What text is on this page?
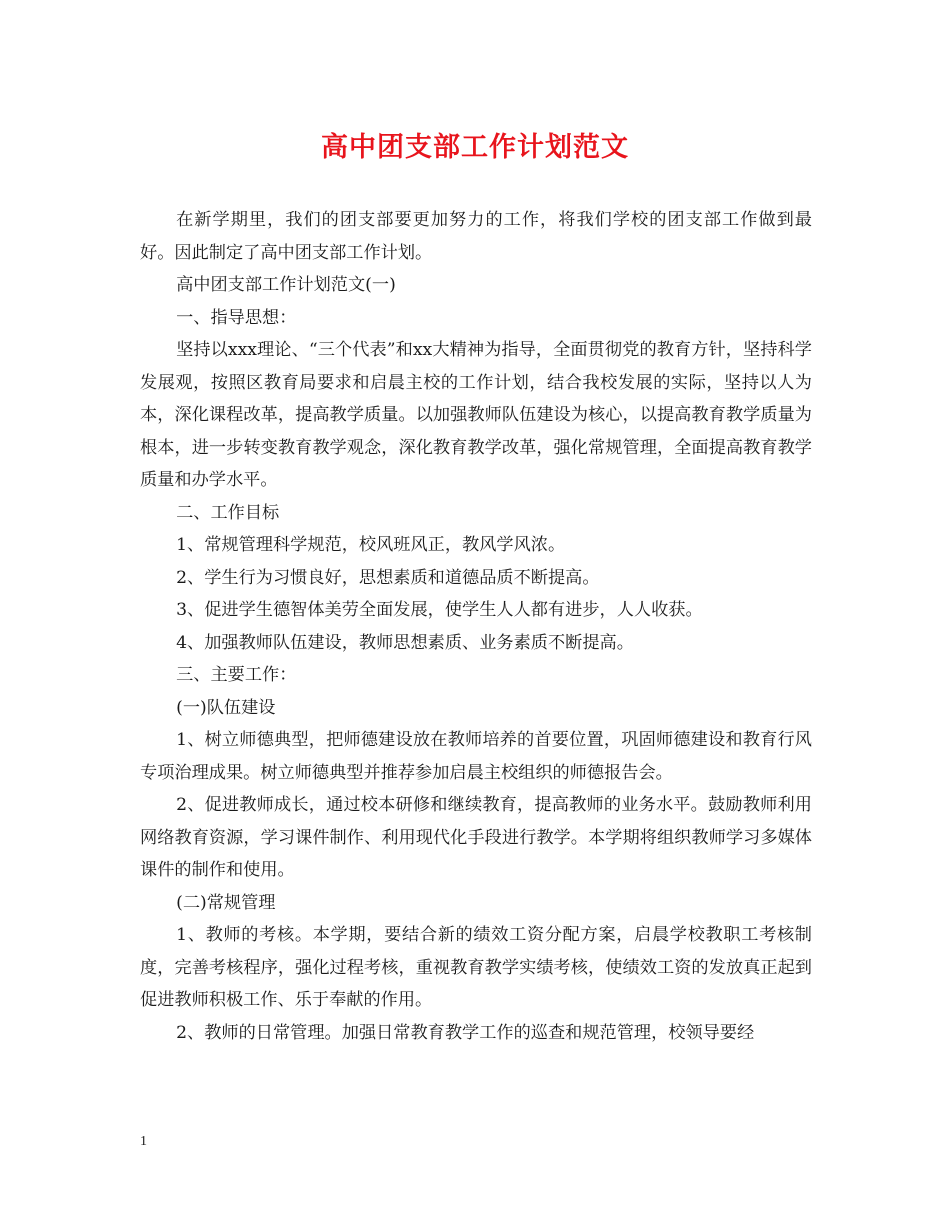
高中团支部工作计划范文

在新学期里，我们的团支部要更加努力的工作，将我们学校的团支部工作做到最好。因此制定了高中团支部工作计划。

高中团支部工作计划范文(一)

一、指导思想：

坚持以xxx理论、“三个代表”和xx大精神为指导，全面贯彻党的教育方针，坚持科学发展观，按照区教育局要求和启晨主校的工作计划，结合我校发展的实际，坚持以人为本，深化课程改革，提高教学质量。以加强教师队伍建设为核心，以提高教育教学质量为根本，进一步转变教育教学观念，深化教育教学改革，强化常规管理，全面提高教育教学质量和办学水平。

二、工作目标

1、常规管理科学规范，校风班风正，教风学风浓。

2、学生行为习惯良好，思想素质和道德品质不断提高。

3、促进学生德智体美劳全面发展，使学生人人都有进步，人人收获。

4、加强教师队伍建设，教师思想素质、业务素质不断提高。

三、主要工作：

(一)队伍建设

1、树立师德典型，把师德建设放在教师培养的首要位置，巩固师德建设和教育行风专项治理成果。树立师德典型并推荐参加启晨主校组织的师德报告会。

2、促进教师成长，通过校本研修和继续教育，提高教师的业务水平。鼓励教师利用网络教育资源，学习课件制作、利用现代化手段进行教学。本学期将组织教师学习多媒体课件的制作和使用。

(二)常规管理

1、教师的考核。本学期，要结合新的绩效工资分配方案，启晨学校教职工考核制度，完善考核程序，强化过程考核，重视教育教学实绩考核，使绩效工资的发放真正起到促进教师积极工作、乐于奉献的作用。

2、教师的日常管理。加强日常教育教学工作的巡查和规范管理，校领导要经

1
